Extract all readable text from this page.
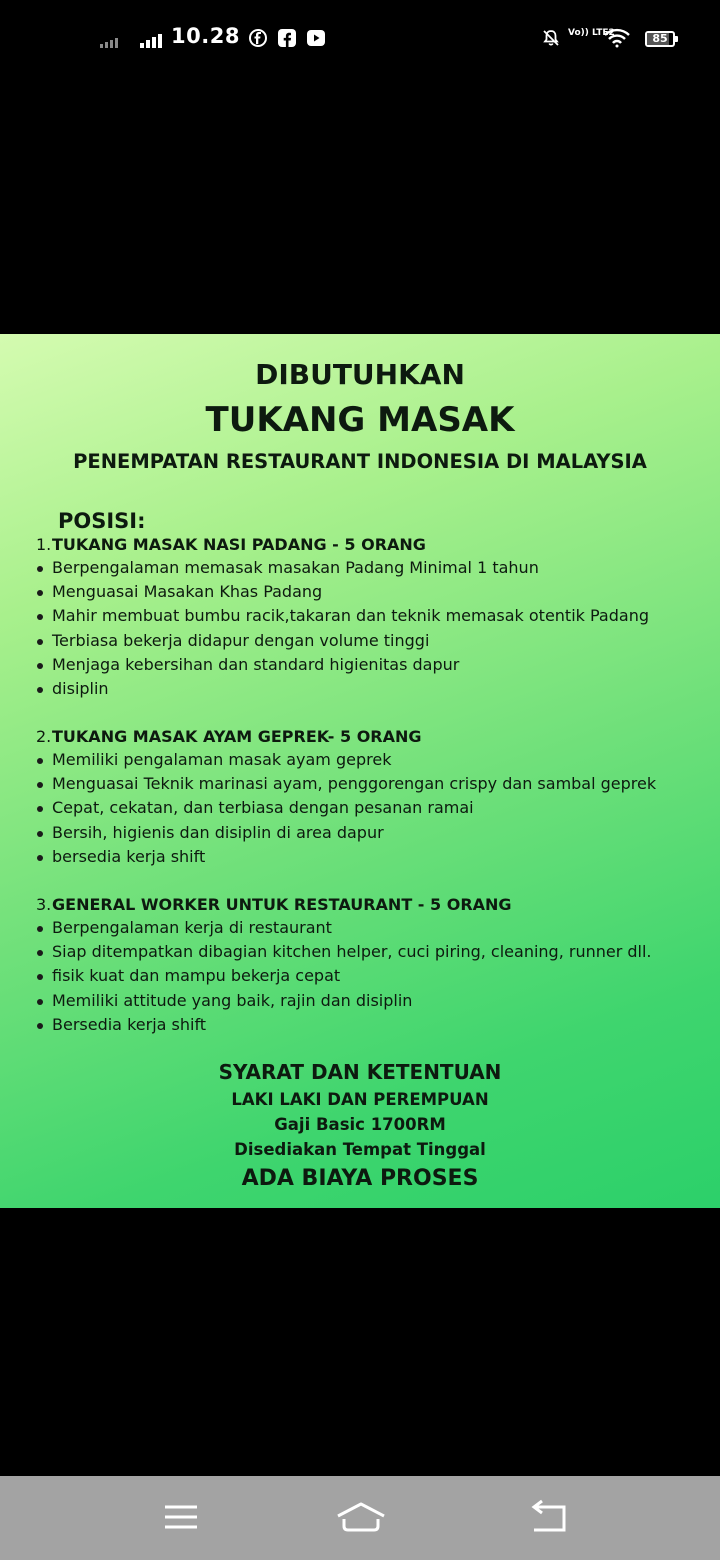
10.28	Vo)) LTE2	85
DIBUTUHKAN
TUKANG MASAK
PENEMPATAN RESTAURANT INDONESIA DI MALAYSIA
POSISI:
1. TUKANG MASAK NASI PADANG - 5 ORANG
Berpengalaman memasak masakan Padang Minimal 1 tahun
Menguasai Masakan Khas Padang
Mahir membuat bumbu racik,takaran dan teknik memasak otentik Padang
Terbiasa bekerja didapur dengan volume tinggi
Menjaga kebersihan dan standard higienitas dapur
disiplin
2. TUKANG MASAK AYAM GEPREK- 5 ORANG
Memiliki pengalaman masak ayam geprek
Menguasai Teknik marinasi ayam, penggorengan crispy dan sambal geprek
Cepat, cekatan, dan terbiasa dengan pesanan ramai
Bersih, higienis dan disiplin di area dapur
bersedia kerja shift
3. GENERAL WORKER UNTUK RESTAURANT - 5 ORANG
Berpengalaman kerja di restaurant
Siap ditempatkan dibagian kitchen helper, cuci piring, cleaning, runner dll.
fisik kuat dan mampu bekerja cepat
Memiliki attitude yang baik, rajin dan disiplin
Bersedia kerja shift
SYARAT DAN KETENTUAN
LAKI LAKI DAN PEREMPUAN
Gaji Basic 1700RM
Disediakan Tempat Tinggal
ADA BIAYA PROSES
